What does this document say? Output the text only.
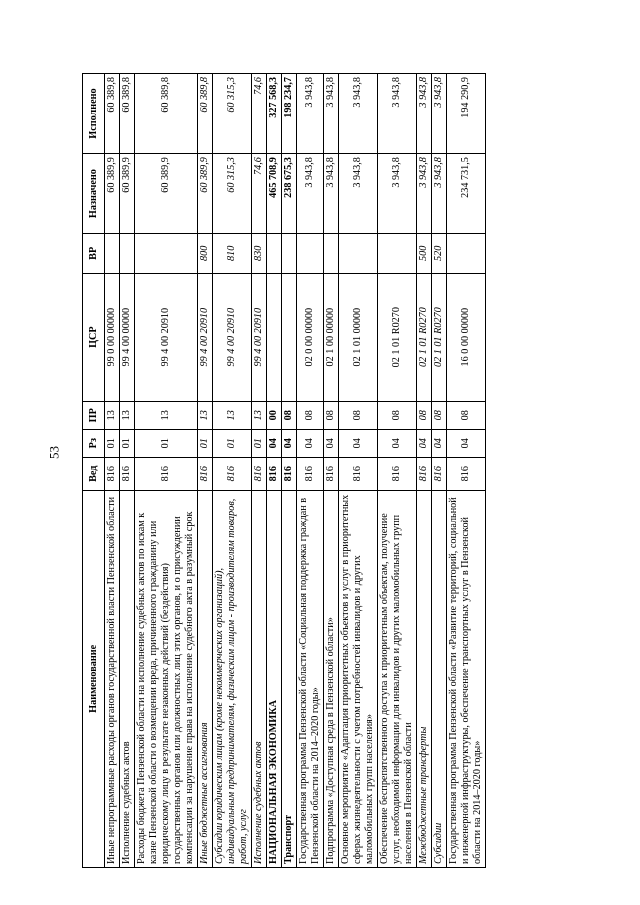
53
Наименование	Вед	Рз	ПР	ЦСР	ВР	Назначено	Исполнено
Иные непрограммные расходы органов государственной власти Пензенской области	816	01	13	99 0 00 00000		60 389,9	60 389,8
Исполнение судебных актов	816	01	13	99 4 00 00000		60 389,9	60 389,8
Расходы бюджета Пензенской области на исполнение судебных актов по искам к казне Пензенской области о возмещении вреда, причиненного гражданину или юридическому лицу в результате незаконных действий (бездействия) государственных органов или должностных лиц этих органов, и о присуждении компенсации за нарушение права на исполнение судебного акта в разумный срок	816	01	13	99 4 00 20910		60 389,9	60 389,8
Иные бюджетные ассигнования	816	01	13	99 4 00 20910	800	60 389,9	60 389,8
Субсидии юридическим лицам (кроме некоммерческих организаций), индивидуальным предпринимателям, физическим лицам - производителям товаров, работ, услуг	816	01	13	99 4 00 20910	810	60 315,3	60 315,3
Исполнение судебных актов	816	01	13	99 4 00 20910	830	74,6	74,6
НАЦИОНАЛЬНАЯ ЭКОНОМИКА	816	04	00			465 708,9	327 568,3
Транспорт	816	04	08			238 675,3	198 234,7
Государственная программа Пензенской области «Социальная поддержка граждан в Пензенской области на 2014–2020 годы»	816	04	08	02 0 00 00000		3 943,8	3 943,8
Подпрограмма «Доступная среда в Пензенской области»	816	04	08	02 1 00 00000		3 943,8	3 943,8
Основное мероприятие «Адаптация приоритетных объектов и услуг в приоритетных сферах жизнедеятельности с учетом потребностей инвалидов и других маломобильных групп населения»	816	04	08	02 1 01 00000		3 943,8	3 943,8
Обеспечение беспрепятственного доступа к приоритетным объектам, получение услуг, необходимой информации для инвалидов и других маломобильных групп населения в Пензенской области	816	04	08	02 1 01 R0270		3 943,8	3 943,8
Межбюджетные трансферты	816	04	08	02 1 01 R0270	500	3 943,8	3 943,8
Субсидии	816	04	08	02 1 01 R0270	520	3 943,8	3 943,8
Государственная программа Пензенской области «Развитие территорий, социальной и инженерной инфраструктуры, обеспечение транспортных услуг в Пензенской области на 2014–2020 годы»	816	04	08	16 0 00 00000		234 731,5	194 290,9
